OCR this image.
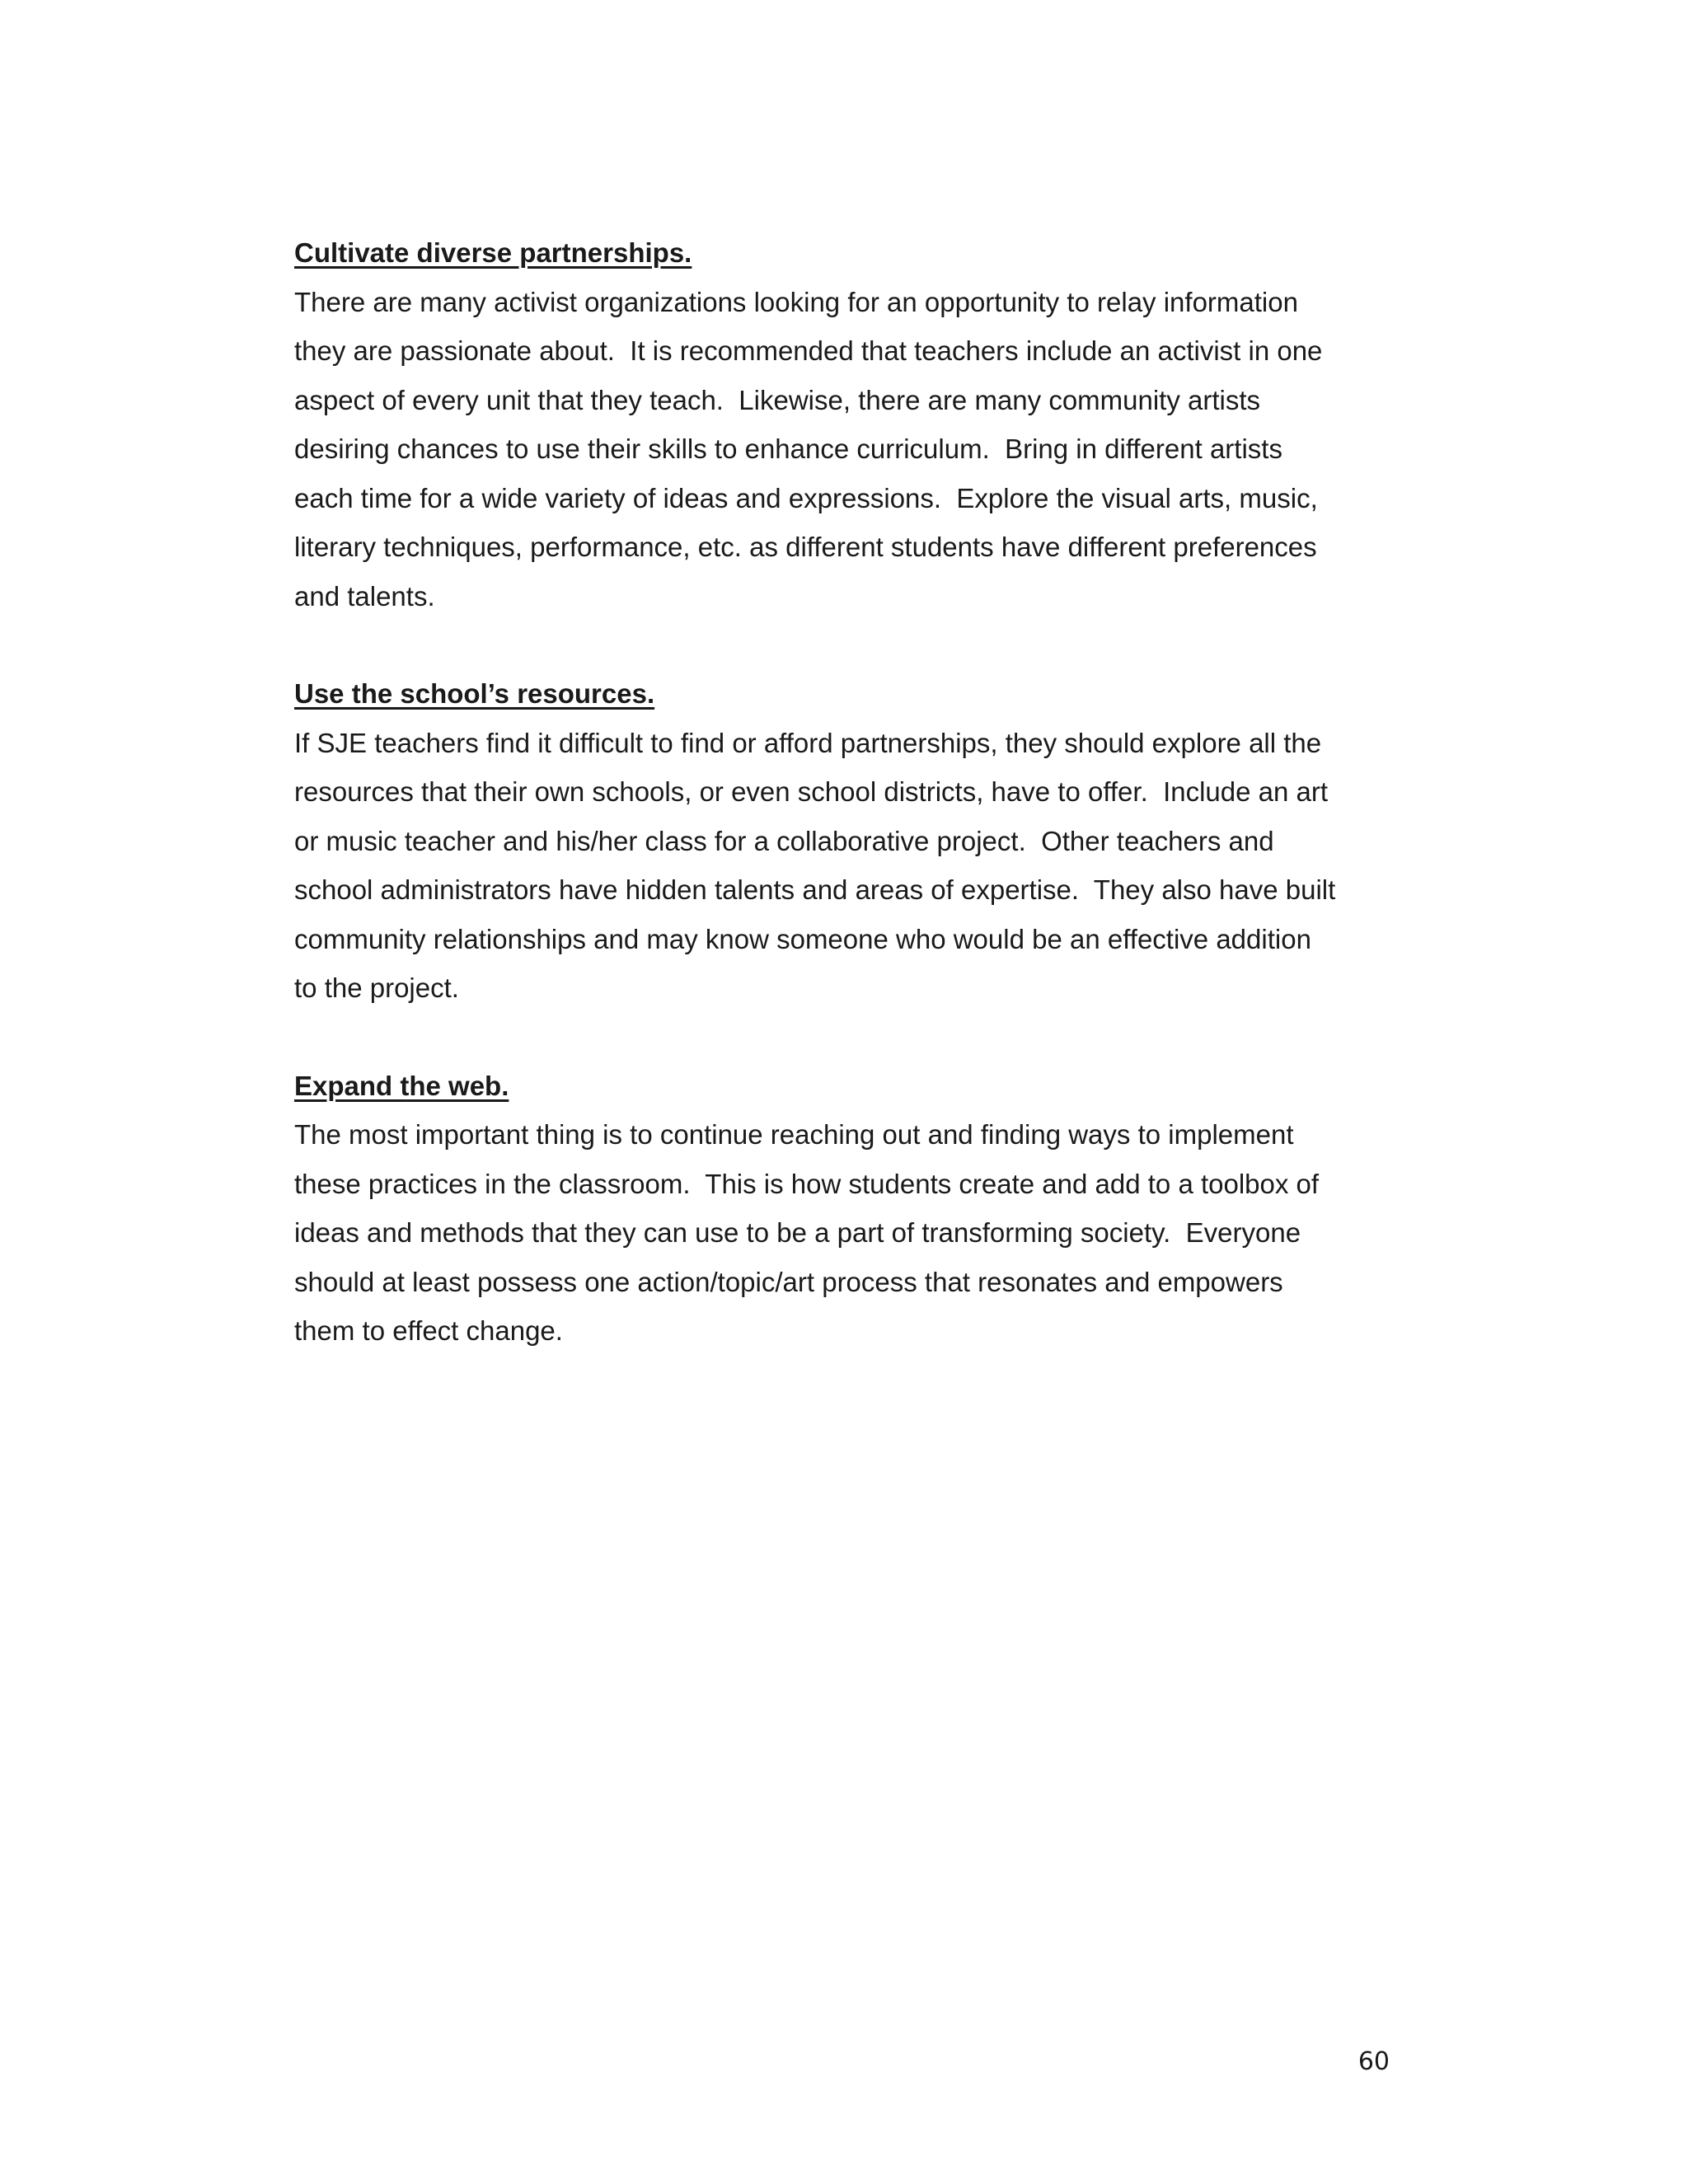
Cultivate diverse partnerships.

There are many activist organizations looking for an opportunity to relay information
they are passionate about.  It is recommended that teachers include an activist in one
aspect of every unit that they teach.  Likewise, there are many community artists
desiring chances to use their skills to enhance curriculum.  Bring in different artists
each time for a wide variety of ideas and expressions.  Explore the visual arts, music,
literary techniques, performance, etc. as different students have different preferences
and talents.

Use the school’s resources.

If SJE teachers find it difficult to find or afford partnerships, they should explore all the
resources that their own schools, or even school districts, have to offer.  Include an art
or music teacher and his/her class for a collaborative project.  Other teachers and
school administrators have hidden talents and areas of expertise.  They also have built
community relationships and may know someone who would be an effective addition
to the project.

Expand the web.

The most important thing is to continue reaching out and finding ways to implement
these practices in the classroom.  This is how students create and add to a toolbox of
ideas and methods that they can use to be a part of transforming society.  Everyone
should at least possess one action/topic/art process that resonates and empowers
them to effect change.

60
